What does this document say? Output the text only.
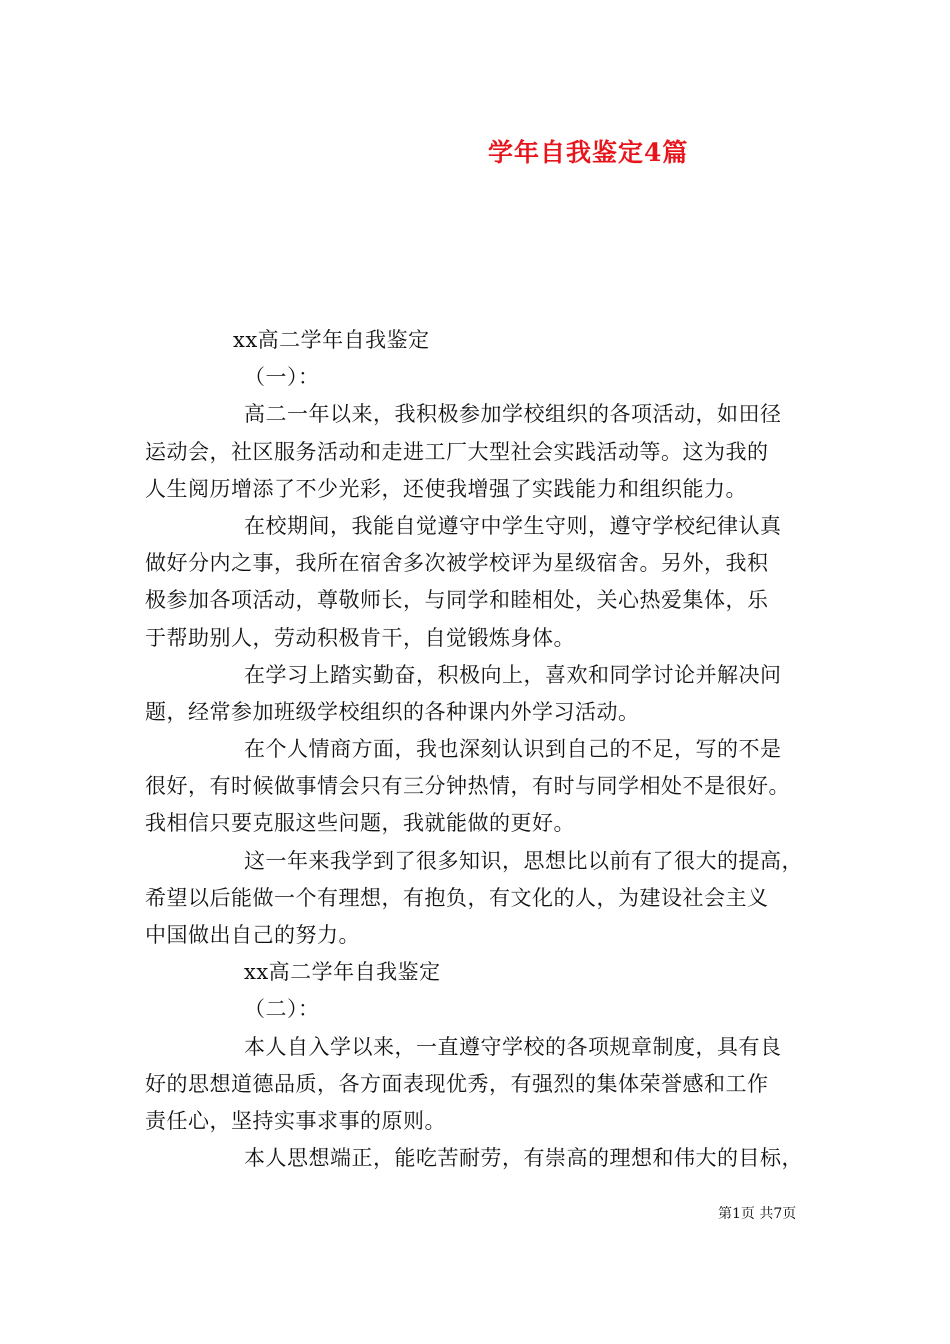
学年自我鉴定4篇
xx高二学年自我鉴定
（一）：
高二一年以来，我积极参加学校组织的各项活动，如田径
运动会，社区服务活动和走进工厂大型社会实践活动等。这为我的
人生阅历增添了不少光彩，还使我增强了实践能力和组织能力。
在校期间，我能自觉遵守中学生守则，遵守学校纪律认真
做好分内之事，我所在宿舍多次被学校评为星级宿舍。另外，我积
极参加各项活动，尊敬师长，与同学和睦相处，关心热爱集体，乐
于帮助别人，劳动积极肯干，自觉锻炼身体。
在学习上踏实勤奋，积极向上，喜欢和同学讨论并解决问
题，经常参加班级学校组织的各种课内外学习活动。
在个人情商方面，我也深刻认识到自己的不足，写的不是
很好，有时候做事情会只有三分钟热情，有时与同学相处不是很好。
我相信只要克服这些问题，我就能做的更好。
这一年来我学到了很多知识，思想比以前有了很大的提高，
希望以后能做一个有理想，有抱负，有文化的人，为建设社会主义
中国做出自己的努力。
xx高二学年自我鉴定
（二）：
本人自入学以来，一直遵守学校的各项规章制度，具有良
好的思想道德品质，各方面表现优秀，有强烈的集体荣誉感和工作
责任心，坚持实事求事的原则。
本人思想端正，能吃苦耐劳，有崇高的理想和伟大的目标，
第1页 共7页
